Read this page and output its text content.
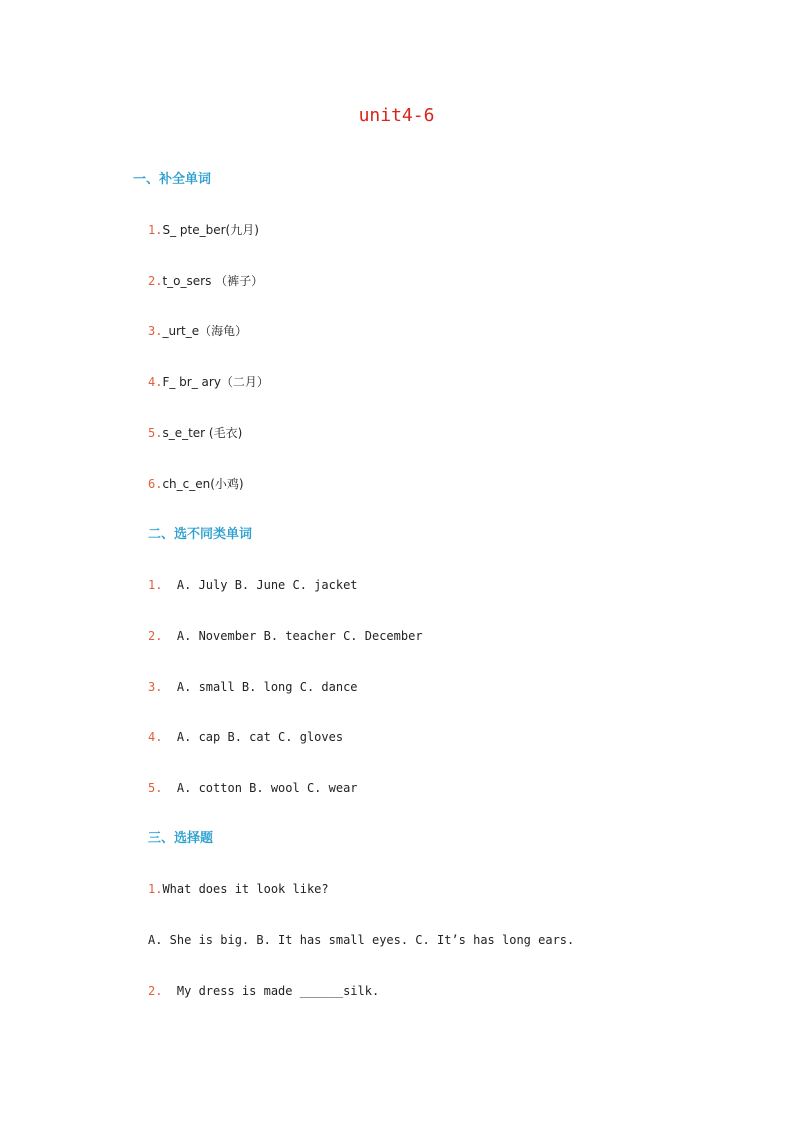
unit4-6
一、补全单词
1.S_ pte_ber(九月)
2.t_o_sers （裤子）
3._urt_e（海龟）
4.F_ br_ ary（二月）
5.s_e_ter (毛衣)
6.ch_c_en(小鸡)
二、选不同类单词
1. A. July B. June C. jacket
2. A. November B. teacher C. December
3. A. small B. long C. dance
4. A. cap B. cat C. gloves
5. A. cotton B. wool C. wear
三、选择题
1.What does it look like?
A. She is big. B. It has small eyes. C. It’s has long ears.
2. My dress is made ______silk.
